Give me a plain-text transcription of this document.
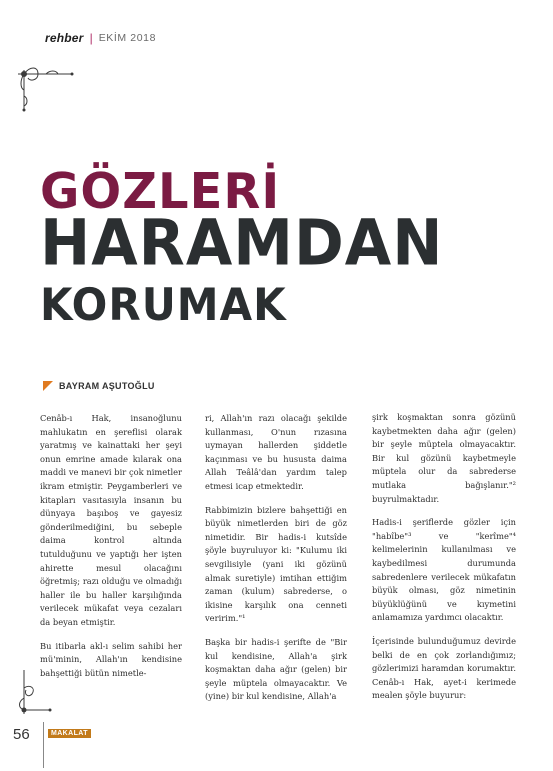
rehber | EKİM 2018
GÖZLERİ
HARAMDAN
KORUMAK
BAYRAM AŞUTOĞLU

Cenâb-ı Hak, insanoğlunu mahlukatın en şereflisi olarak yaratmış ve kainattaki her şeyi onun emrine amade kılarak ona maddi ve manevi bir çok nimetler ikram etmiştir. Peygamberleri ve kitapları vasıtasıyla insanın bu dünyaya başıboş ve gayesiz gönderilmediğini, bu sebeple daima kontrol altında tutulduğunu ve yaptığı her işten ahirette mesul olacağını öğretmiş; razı olduğu ve olmadığı haller ile bu haller karşılığında verilecek mükafat veya cezaları da beyan etmiştir.

Bu itibarla akl-ı selim sahibi her mü'minin, Allah'ın kendisine bahşettiği bütün nimetle-

ri, Allah'ın razı olacağı şekilde kullanması, O'nun rızasına uymayan hallerden şiddetle kaçınması ve bu hususta daima Allah Teâlâ'dan yardım talep etmesi icap etmektedir.

Rabbimizin bizlere bahşettiği en büyük nimetlerden biri de göz nimetidir. Bir hadis-i kutsîde şöyle buyruluyor ki: "Kulumu iki sevgilisiyle (yani iki gözünü almak suretiyle) imtihan ettiğim zaman (kulum) sabrederse, o ikisine karşılık ona cenneti veririm."¹

Başka bir hadis-i şerifte de "Bir kul kendisine, Allah'a şirk koşmaktan daha ağır (gelen) bir şeyle müptela olmayacaktır. Ve (yine) bir kul kendisine, Allah'a

şirk koşmaktan sonra gözünü kaybetmekten daha ağır (gelen) bir şeyle müptela olmayacaktır. Bir kul gözünü kaybetmeyle müptela olur da sabrederse mutlaka bağışlanır."² buyrulmaktadır.

Hadis-i şeriflerde gözler için "habîbe"³ ve "kerîme"⁴ kelimelerinin kullanılması ve kaybedilmesi durumunda sabredenlere verilecek mükafatın büyük olması, göz nimetinin büyüklüğünü ve kıymetini anlamamıza yardımcı olacaktır.

İçerisinde bulunduğumuz devirde belki de en çok zorlandığımız; gözlerimizi haramdan korumaktır. Cenâb-ı Hak, ayet-i kerimede mealen şöyle buyurur:

56	MAKALAT
